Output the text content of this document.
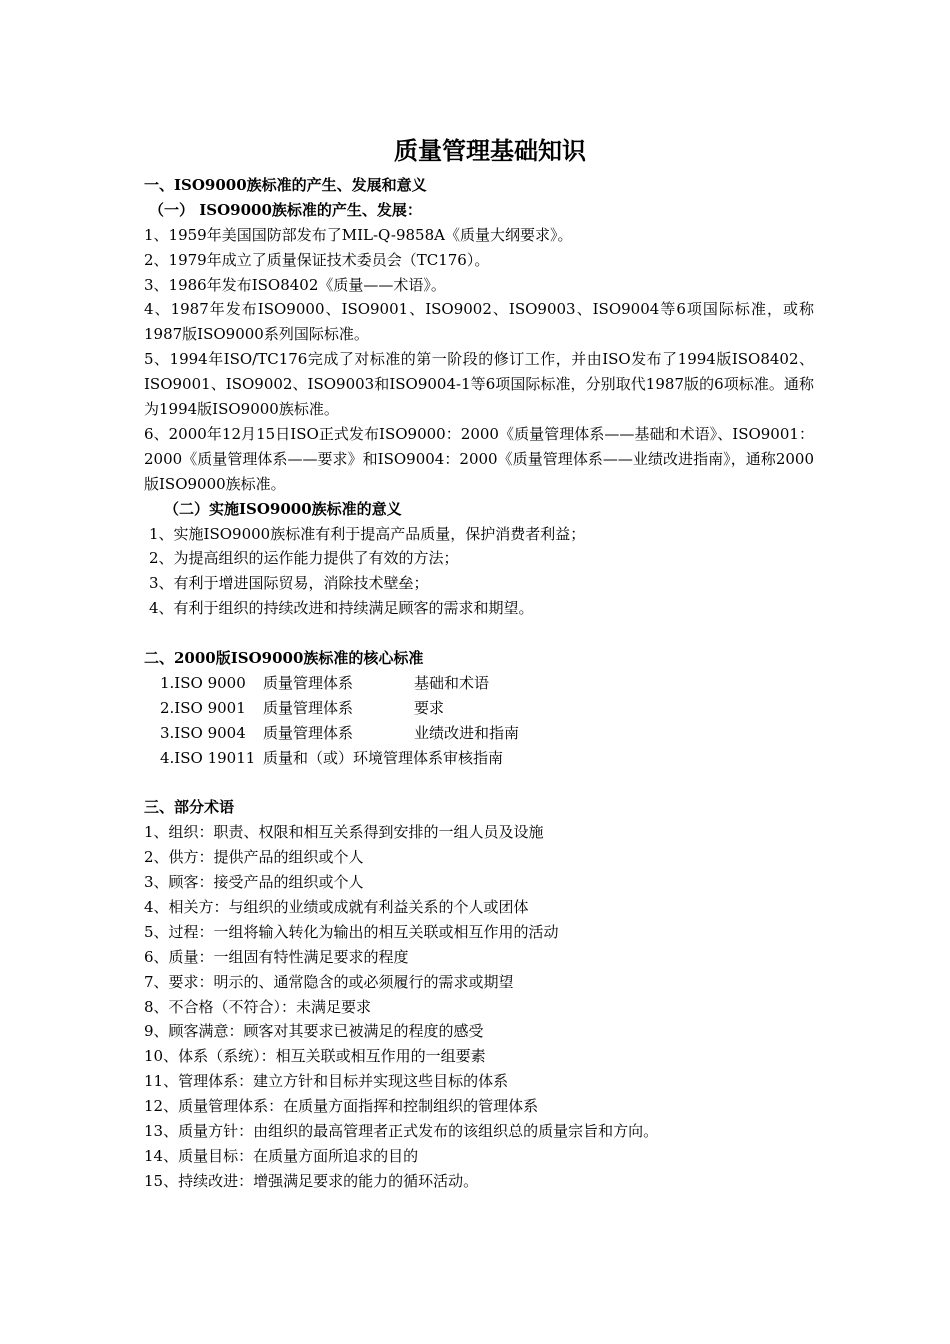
质量管理基础知识
一、ISO9000族标准的产生、发展和意义
（一） ISO9000族标准的产生、发展：
1、1959年美国国防部发布了MIL-Q-9858A《质量大纲要求》。
2、1979年成立了质量保证技术委员会（TC176）。
3、1986年发布ISO8402《质量——术语》。
4、1987年发布ISO9000、ISO9001、ISO9002、ISO9003、ISO9004等6项国际标准，或称1987版ISO9000系列国际标准。
5、1994年ISO/TC176完成了对标准的第一阶段的修订工作，并由ISO发布了1994版ISO8402、ISO9001、ISO9002、ISO9003和ISO9004-1等6项国际标准，分别取代1987版的6项标准。通称为1994版ISO9000族标准。
6、2000年12月15日ISO正式发布ISO9000：2000《质量管理体系——基础和术语》、ISO9001：2000《质量管理体系——要求》和ISO9004：2000《质量管理体系——业绩改进指南》，通称2000版ISO9000族标准。
（二）实施ISO9000族标准的意义
1、实施ISO9000族标准有利于提高产品质量，保护消费者利益；
2、为提高组织的运作能力提供了有效的方法；
3、有利于增进国际贸易，消除技术壁垒；
4、有利于组织的持续改进和持续满足顾客的需求和期望。
二、2000版ISO9000族标准的核心标准
1.ISO 9000 质量管理体系	基础和术语
2.ISO 9001 质量管理体系	要求
3.ISO 9004 质量管理体系	业绩改进和指南
4.ISO 19011 质量和（或）环境管理体系审核指南
三、部分术语
1、组织：职责、权限和相互关系得到安排的一组人员及设施
2、供方：提供产品的组织或个人
3、顾客：接受产品的组织或个人
4、相关方：与组织的业绩或成就有利益关系的个人或团体
5、过程：一组将输入转化为输出的相互关联或相互作用的活动
6、质量：一组固有特性满足要求的程度
7、要求：明示的、通常隐含的或必须履行的需求或期望
8、不合格（不符合）：未满足要求
9、顾客满意：顾客对其要求已被满足的程度的感受
10、体系（系统）：相互关联或相互作用的一组要素
11、管理体系：建立方针和目标并实现这些目标的体系
12、质量管理体系：在质量方面指挥和控制组织的管理体系
13、质量方针：由组织的最高管理者正式发布的该组织总的质量宗旨和方向。
14、质量目标：在质量方面所追求的目的
15、持续改进：增强满足要求的能力的循环活动。
